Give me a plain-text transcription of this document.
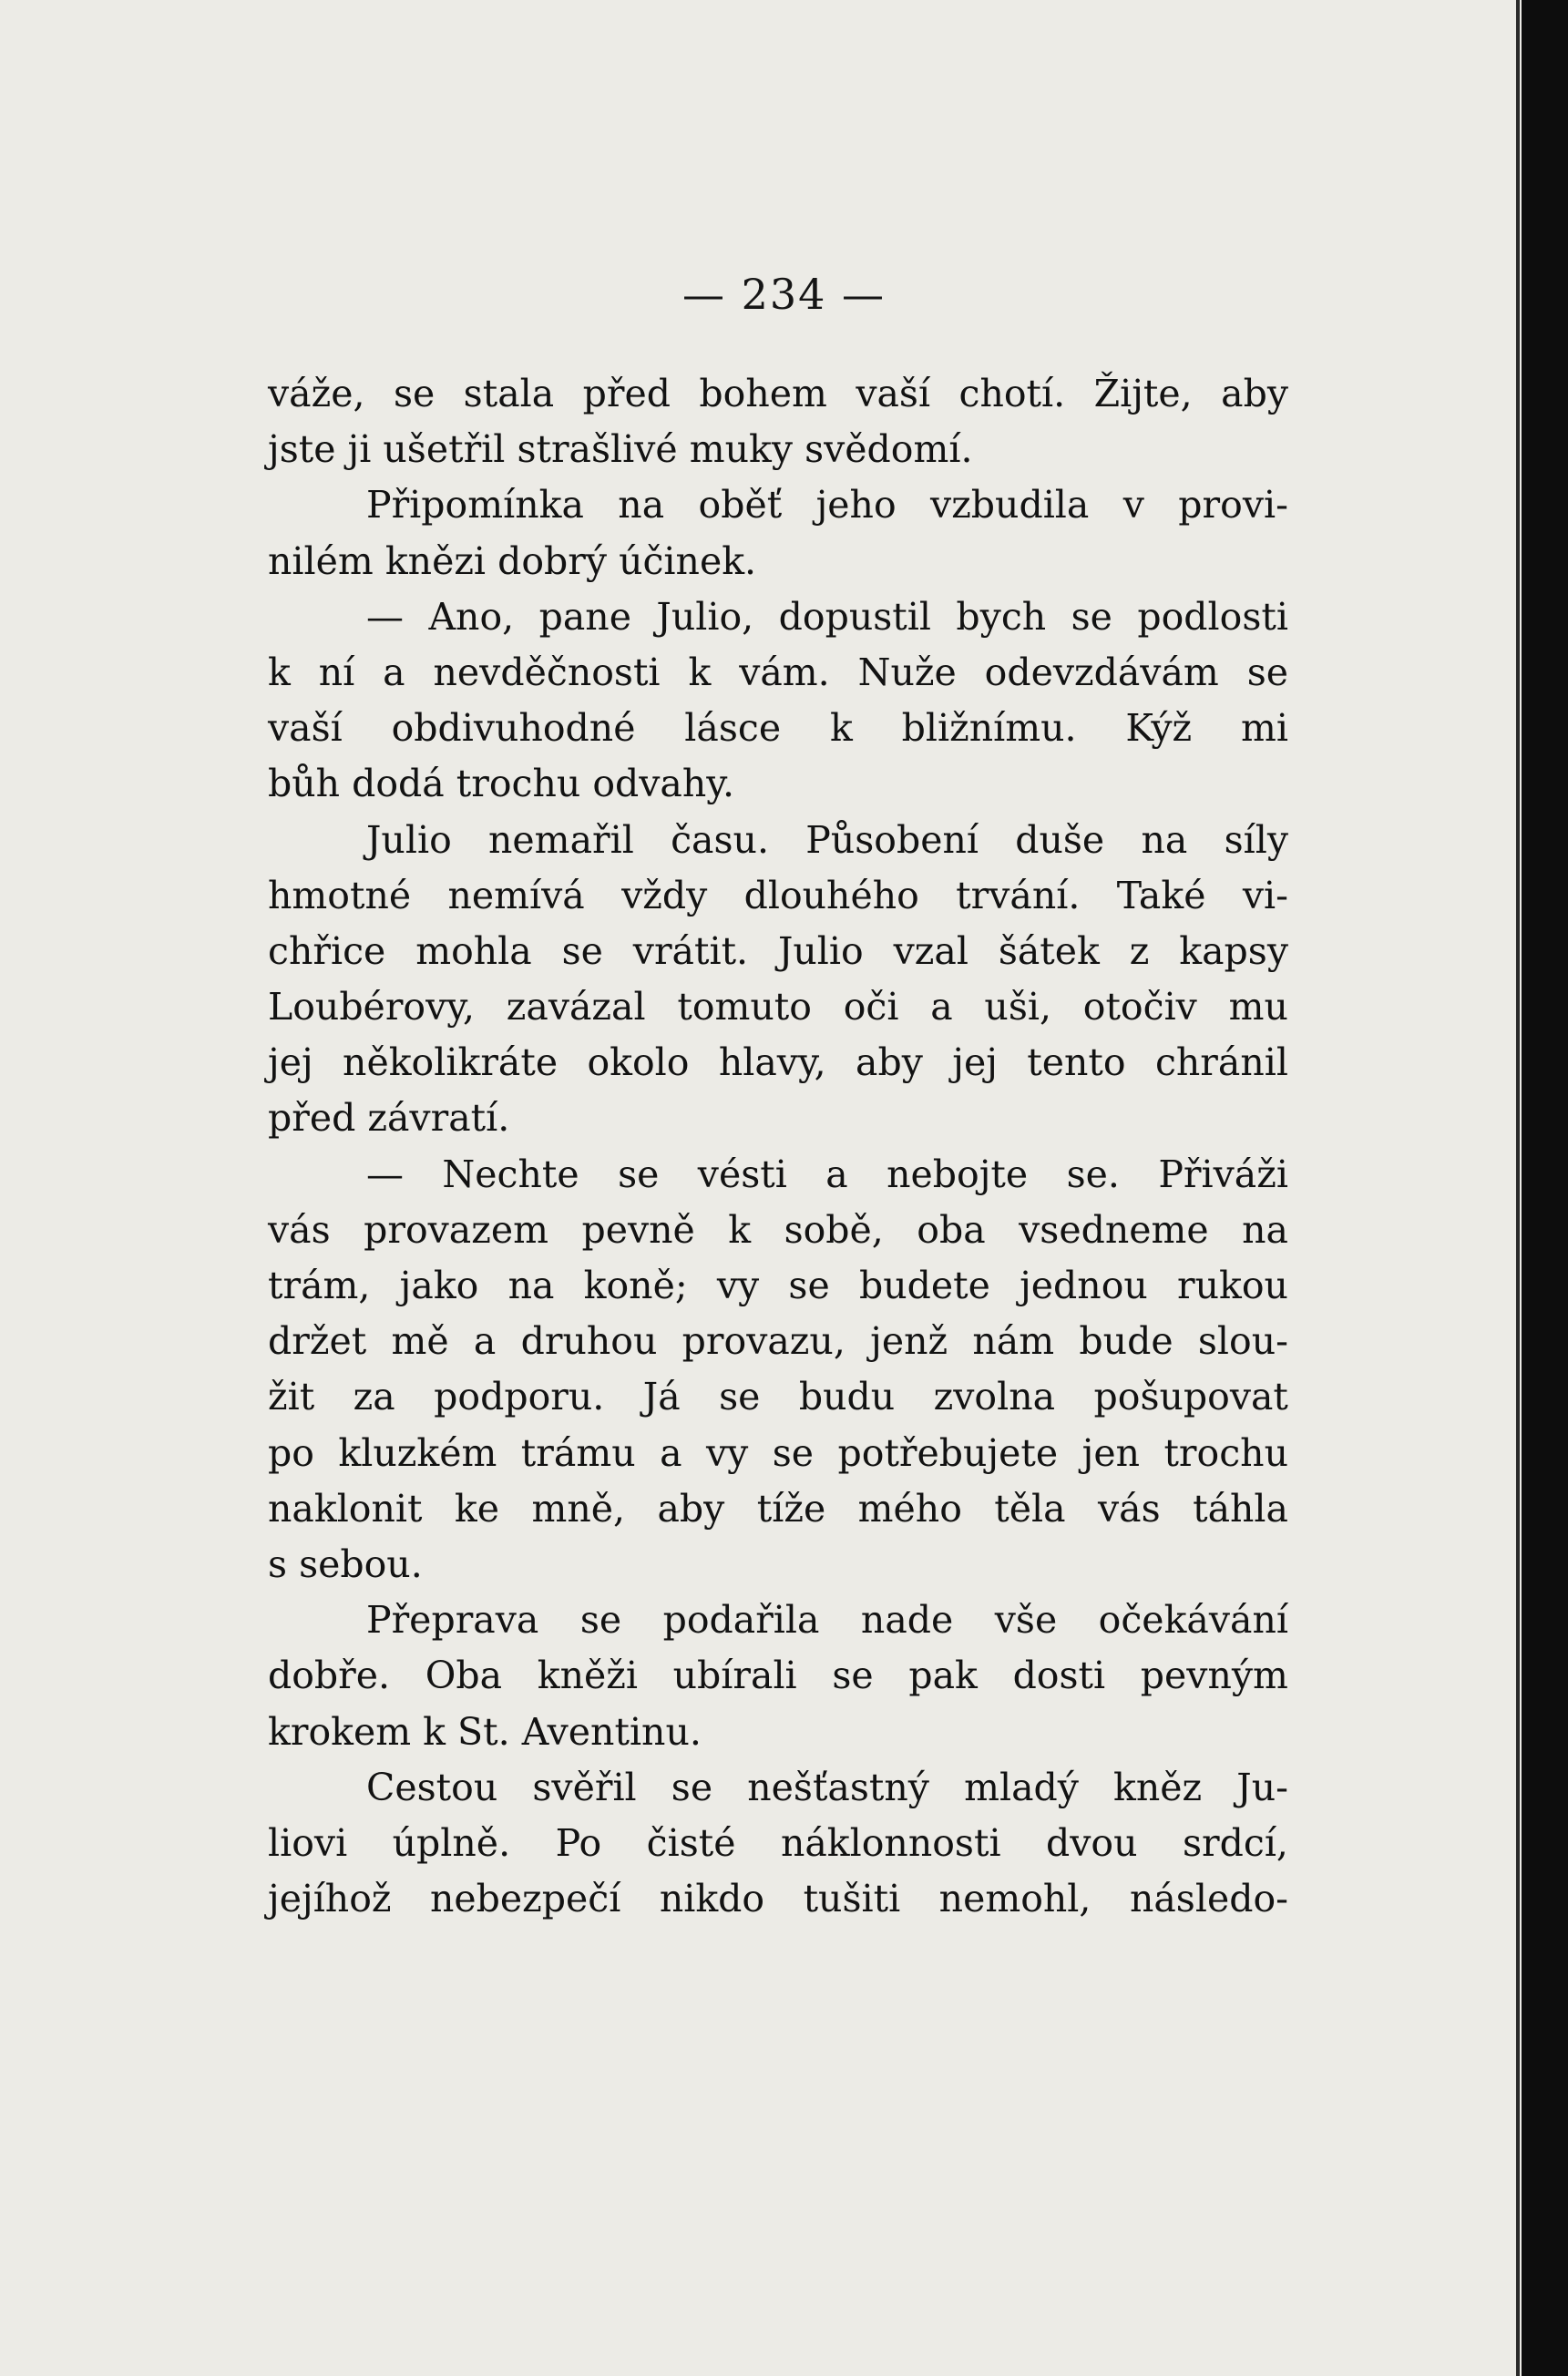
— 234 —
váže, se stala před bohem vaší chotí. Žijte, aby
jste ji ušetřil strašlivé muky svědomí.
Připomínka na oběť jeho vzbudila v provi-
nilém knězi dobrý účinek.
— Ano, pane Julio, dopustil bych se podlosti
k ní a nevděčnosti k vám. Nuže odevzdávám se
vaší obdivuhodné lásce k bližnímu. Kýž mi
bůh dodá trochu odvahy.
Julio nemařil času. Působení duše na síly
hmotné nemívá vždy dlouhého trvání. Také vi-
chřice mohla se vrátit. Julio vzal šátek z kapsy
Loubérovy, zavázal tomuto oči a uši, otočiv mu
jej několikráte okolo hlavy, aby jej tento chránil
před závratí.
— Nechte se vésti a nebojte se. Přiváži
vás provazem pevně k sobě, oba vsedneme na
trám, jako na koně; vy se budete jednou rukou
držet mě a druhou provazu, jenž nám bude slou-
žit za podporu. Já se budu zvolna pošupovat
po kluzkém trámu a vy se potřebujete jen trochu
naklonit ke mně, aby tíže mého těla vás táhla
s sebou.
Přeprava se podařila nade vše očekávání
dobře. Oba kněži ubírali se pak dosti pevným
krokem k St. Aventinu.
Cestou svěřil se nešťastný mladý kněz Ju-
liovi úplně. Po čisté náklonnosti dvou srdcí,
jejíhož nebezpečí nikdo tušiti nemohl, následo-
